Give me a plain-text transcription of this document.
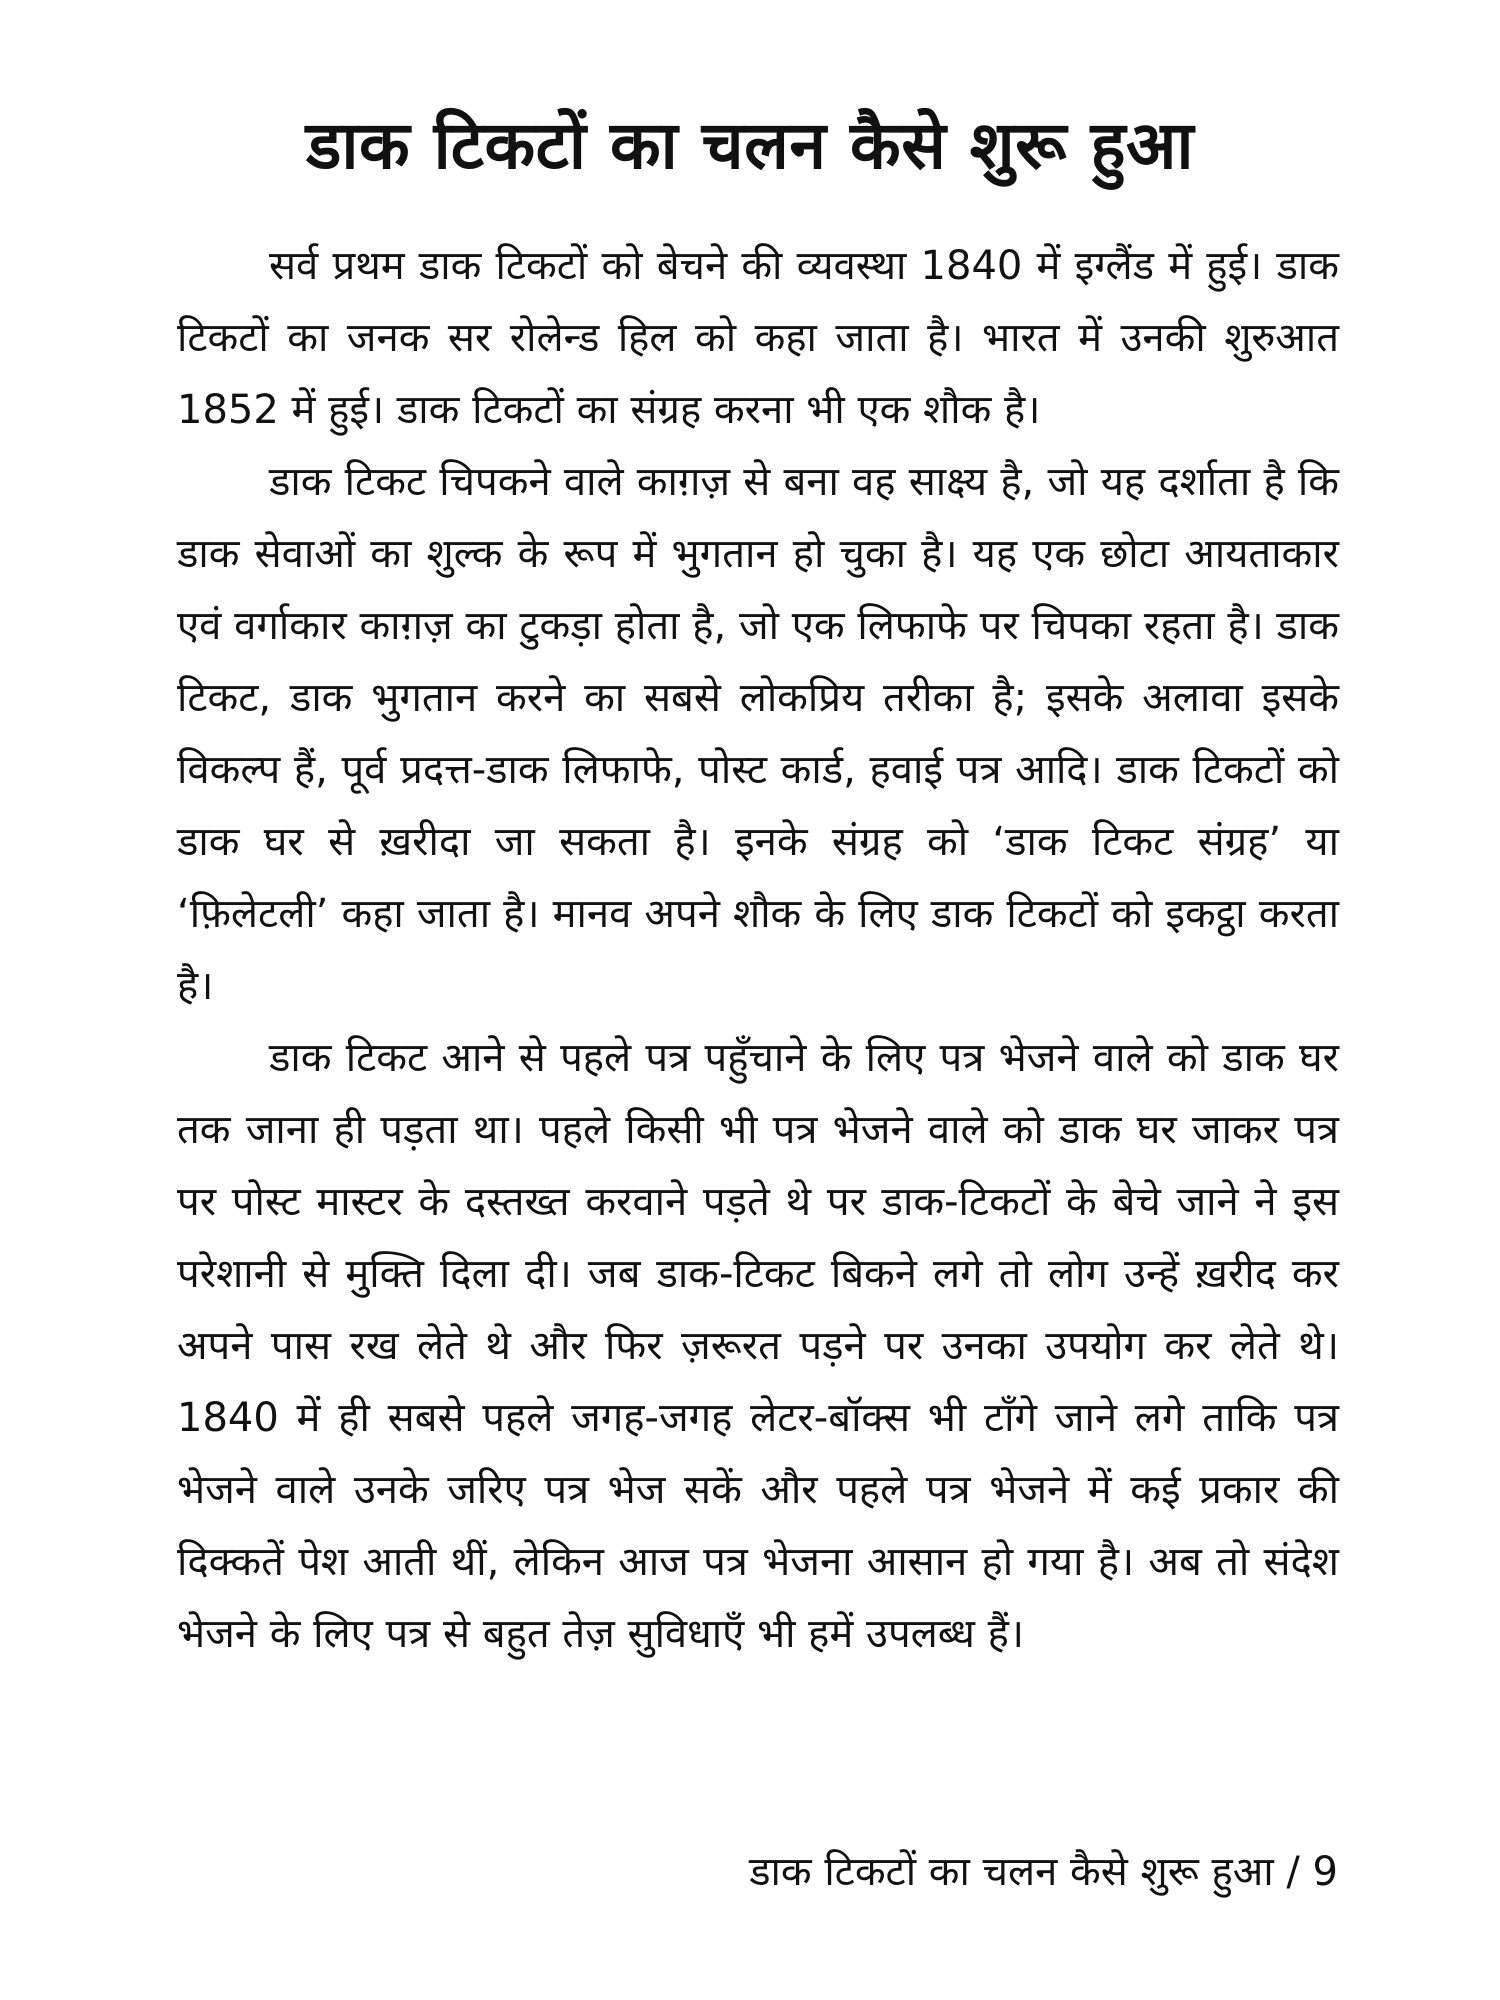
डाक टिकटों का चलन कैसे शुरू हुआ

सर्व प्रथम डाक टिकटों को बेचने की व्यवस्था 1840 में इग्लैंड में हुई। डाक टिकटों का जनक सर रोलेन्ड हिल को कहा जाता है। भारत में उनकी शुरुआत 1852 में हुई। डाक टिकटों का संग्रह करना भी एक शौक है।

डाक टिकट चिपकने वाले काग़ज़ से बना वह साक्ष्य है, जो यह दर्शाता है कि डाक सेवाओं का शुल्क के रूप में भुगतान हो चुका है। यह एक छोटा आयताकार एवं वर्गाकार काग़ज़ का टुकड़ा होता है, जो एक लिफाफे पर चिपका रहता है। डाक टिकट, डाक भुगतान करने का सबसे लोकप्रिय तरीका है; इसके अलावा इसके विकल्प हैं, पूर्व प्रदत्त-डाक लिफाफे, पोस्ट कार्ड, हवाई पत्र आदि। डाक टिकटों को डाक घर से ख़रीदा जा सकता है। इनके संग्रह को ‘डाक टिकट संग्रह’ या ‘फ़िलेटली’ कहा जाता है। मानव अपने शौक के लिए डाक टिकटों को इकट्ठा करता है।

डाक टिकट आने से पहले पत्र पहुँचाने के लिए पत्र भेजने वाले को डाक घर तक जाना ही पड़ता था। पहले किसी भी पत्र भेजने वाले को डाक घर जाकर पत्र पर पोस्ट मास्टर के दस्तख्त करवाने पड़ते थे पर डाक-टिकटों के बेचे जाने ने इस परेशानी से मुक्ति दिला दी। जब डाक-टिकट बिकने लगे तो लोग उन्हें ख़रीद कर अपने पास रख लेते थे और फिर ज़रूरत पड़ने पर उनका उपयोग कर लेते थे। 1840 में ही सबसे पहले जगह-जगह लेटर-बॉक्स भी टाँगे जाने लगे ताकि पत्र भेजने वाले उनके जरिए पत्र भेज सकें और पहले पत्र भेजने में कई प्रकार की दिक्कतें पेश आती थीं, लेकिन आज पत्र भेजना आसान हो गया है। अब तो संदेश भेजने के लिए पत्र से बहुत तेज़ सुविधाएँ भी हमें उपलब्ध हैं।

डाक टिकटों का चलन कैसे शुरू हुआ / 9
